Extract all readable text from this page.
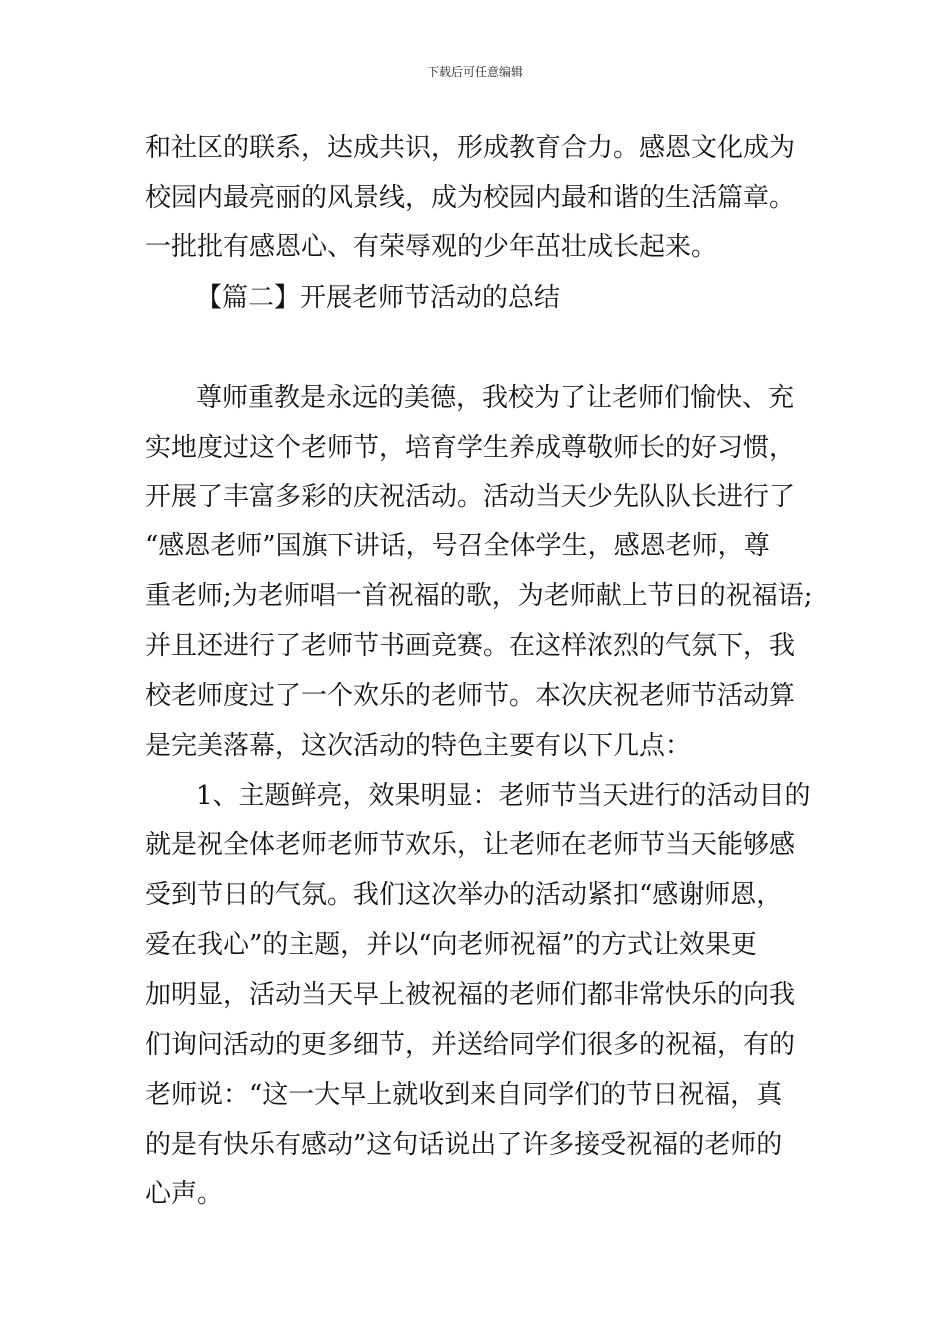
下载后可任意编辑
和社区的联系，达成共识，形成教育合力。感恩文化成为
校园内最亮丽的风景线，成为校园内最和谐的生活篇章。
一批批有感恩心、有荣辱观的少年茁壮成长起来。
【篇二】开展老师节活动的总结
尊师重教是永远的美德，我校为了让老师们愉快、充
实地度过这个老师节，培育学生养成尊敬师长的好习惯，
开展了丰富多彩的庆祝活动。活动当天少先队队长进行了
“感恩老师”国旗下讲话，号召全体学生，感恩老师，尊
重老师;为老师唱一首祝福的歌，为老师献上节日的祝福语;
并且还进行了老师节书画竞赛。在这样浓烈的气氛下，我
校老师度过了一个欢乐的老师节。本次庆祝老师节活动算
是完美落幕，这次活动的特色主要有以下几点：
1、主题鲜亮，效果明显：老师节当天进行的活动目的
就是祝全体老师老师节欢乐，让老师在老师节当天能够感
受到节日的气氛。我们这次举办的活动紧扣“感谢师恩，
爱在我心”的主题，并以“向老师祝福”的方式让效果更
加明显，活动当天早上被祝福的老师们都非常快乐的向我
们询问活动的更多细节，并送给同学们很多的祝福，有的
老师说：“这一大早上就收到来自同学们的节日祝福，真
的是有快乐有感动”这句话说出了许多接受祝福的老师的
心声。
